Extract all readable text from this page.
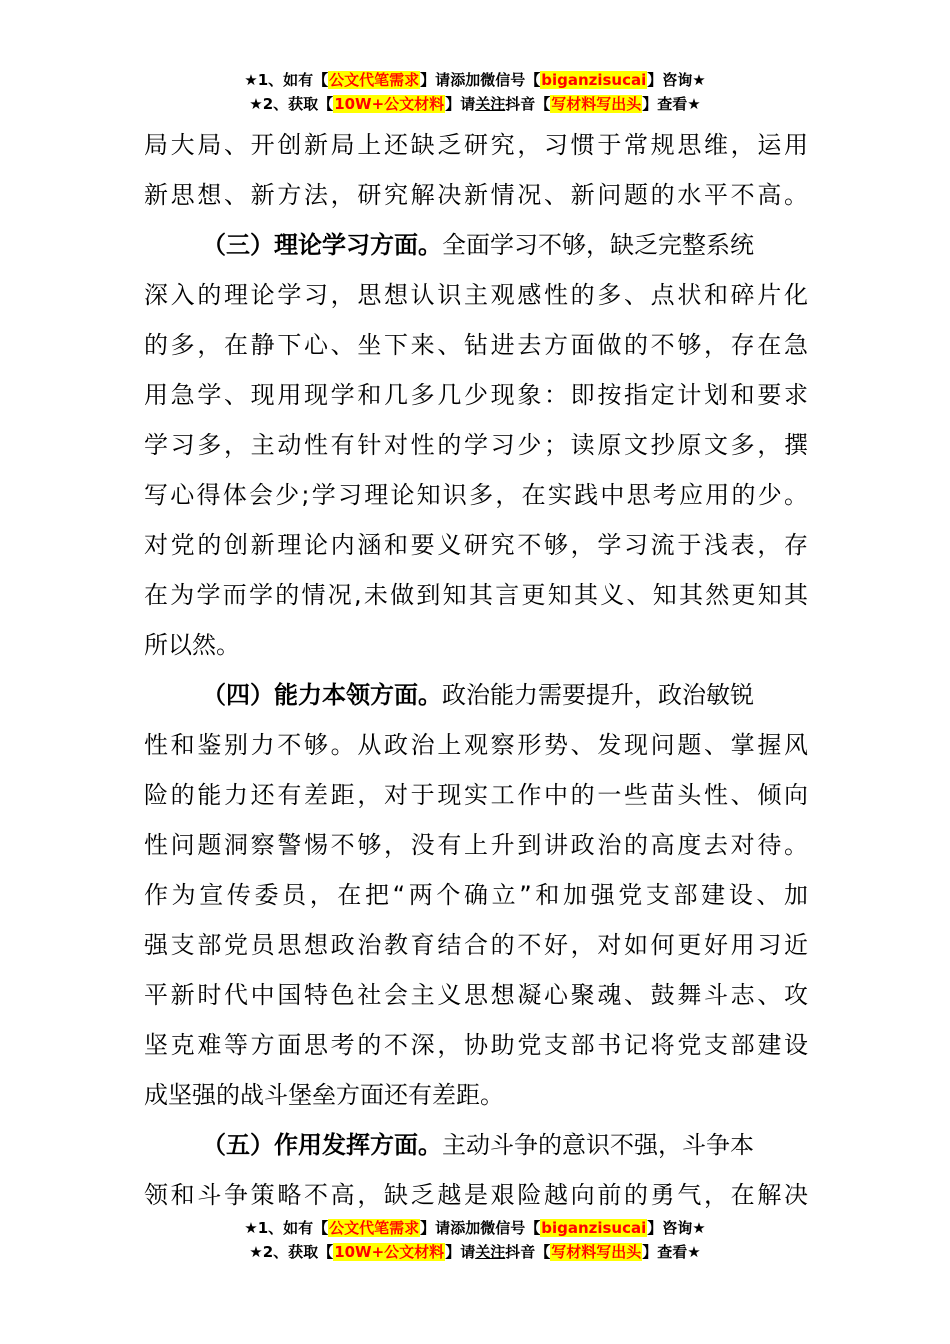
★1、如有【公文代笔需求】请添加微信号【biganzisucai】咨询★
★2、获取【10W+公文材料】请关注抖音【写材料写出头】查看★
局大局、开创新局上还缺乏研究，习惯于常规思维，运用
新思想、新方法，研究解决新情况、新问题的水平不高。
（三）理论学习方面。全面学习不够，缺乏完整系统
深入的理论学习，思想认识主观感性的多、点状和碎片化
的多，在静下心、坐下来、钻进去方面做的不够，存在急
用急学、现用现学和几多几少现象：即按指定计划和要求
学习多，主动性有针对性的学习少；读原文抄原文多，撰
写心得体会少;学习理论知识多，在实践中思考应用的少。
对党的创新理论内涵和要义研究不够，学习流于浅表，存
在为学而学的情况,未做到知其言更知其义、知其然更知其
所以然。
（四）能力本领方面。政治能力需要提升，政治敏锐
性和鉴别力不够。从政治上观察形势、发现问题、掌握风
险的能力还有差距，对于现实工作中的一些苗头性、倾向
性问题洞察警惕不够，没有上升到讲政治的高度去对待。
作为宣传委员，在把“两个确立”和加强党支部建设、加
强支部党员思想政治教育结合的不好，对如何更好用习近
平新时代中国特色社会主义思想凝心聚魂、鼓舞斗志、攻
坚克难等方面思考的不深，协助党支部书记将党支部建设
成坚强的战斗堡垒方面还有差距。
（五）作用发挥方面。主动斗争的意识不强，斗争本
领和斗争策略不高，缺乏越是艰险越向前的勇气，在解决
★1、如有【公文代笔需求】请添加微信号【biganzisucai】咨询★
★2、获取【10W+公文材料】请关注抖音【写材料写出头】查看★
